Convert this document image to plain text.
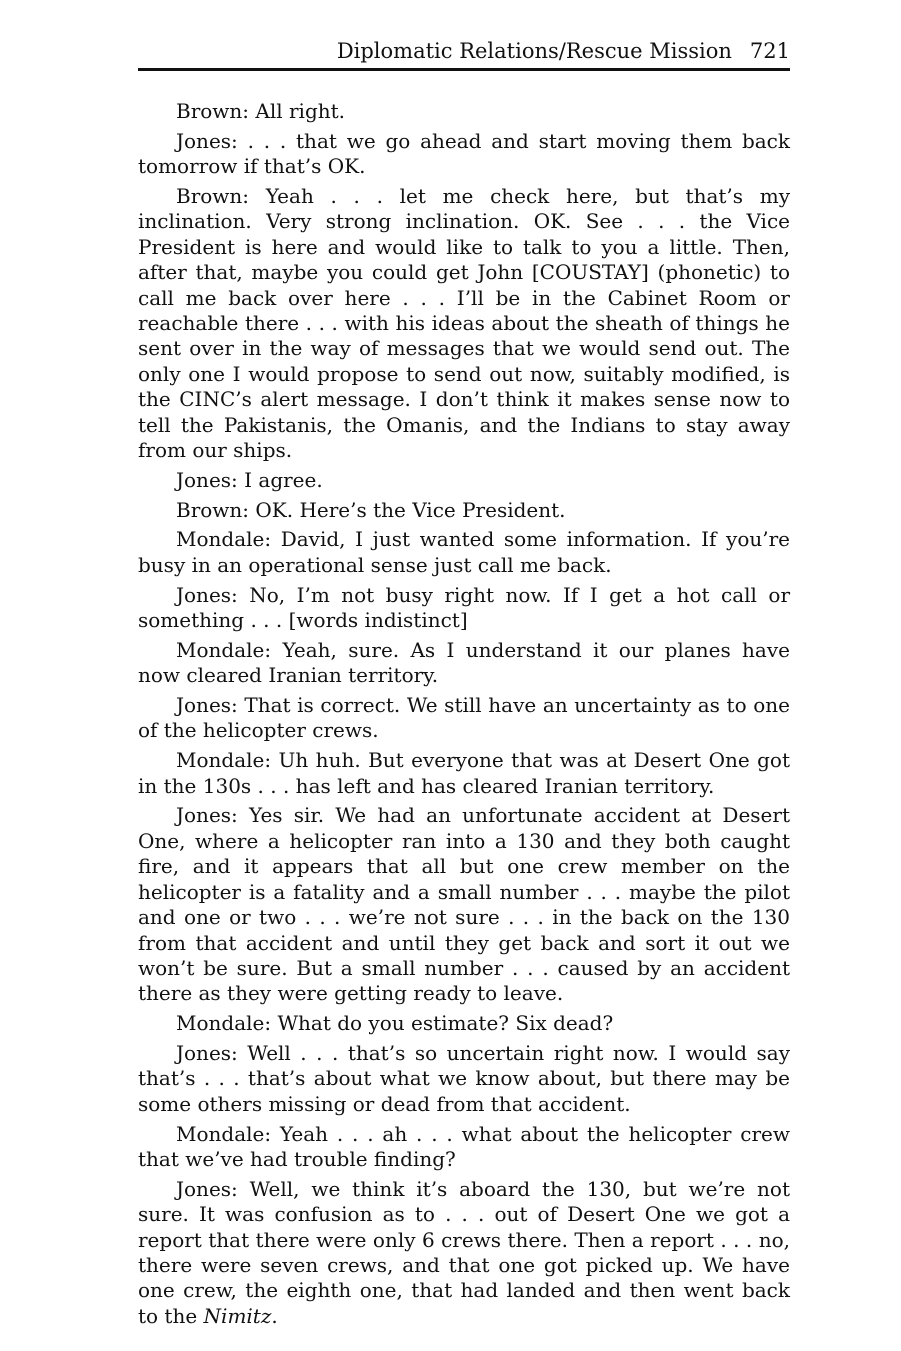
Diplomatic Relations/Rescue Mission 721

Brown: All right.

Jones: . . . that we go ahead and start moving them back tomorrow if that’s OK.

Brown: Yeah . . . let me check here, but that’s my inclination. Very strong inclination. OK. See . . . the Vice President is here and would like to talk to you a little. Then, after that, maybe you could get John [COUSTAY] (phonetic) to call me back over here . . . I’ll be in the Cabinet Room or reachable there . . . with his ideas about the sheath of things he sent over in the way of messages that we would send out. The only one I would propose to send out now, suitably modified, is the CINC’s alert message. I don’t think it makes sense now to tell the Pakistanis, the Omanis, and the Indians to stay away from our ships.

Jones: I agree.

Brown: OK. Here’s the Vice President.

Mondale: David, I just wanted some information. If you’re busy in an operational sense just call me back.

Jones: No, I’m not busy right now. If I get a hot call or something . . . [words indistinct]

Mondale: Yeah, sure. As I understand it our planes have now cleared Iranian territory.

Jones: That is correct. We still have an uncertainty as to one of the helicopter crews.

Mondale: Uh huh. But everyone that was at Desert One got in the 130s . . . has left and has cleared Iranian territory.

Jones: Yes sir. We had an unfortunate accident at Desert One, where a helicopter ran into a 130 and they both caught fire, and it appears that all but one crew member on the helicopter is a fatality and a small number . . . maybe the pilot and one or two . . . we’re not sure . . . in the back on the 130 from that accident and until they get back and sort it out we won’t be sure. But a small number . . . caused by an accident there as they were getting ready to leave.

Mondale: What do you estimate? Six dead?

Jones: Well . . . that’s so uncertain right now. I would say that’s . . . that’s about what we know about, but there may be some others missing or dead from that accident.

Mondale: Yeah . . . ah . . . what about the helicopter crew that we’ve had trouble finding?

Jones: Well, we think it’s aboard the 130, but we’re not sure. It was confusion as to . . . out of Desert One we got a report that there were only 6 crews there. Then a report . . . no, there were seven crews, and that one got picked up. We have one crew, the eighth one, that had landed and then went back to the Nimitz.
